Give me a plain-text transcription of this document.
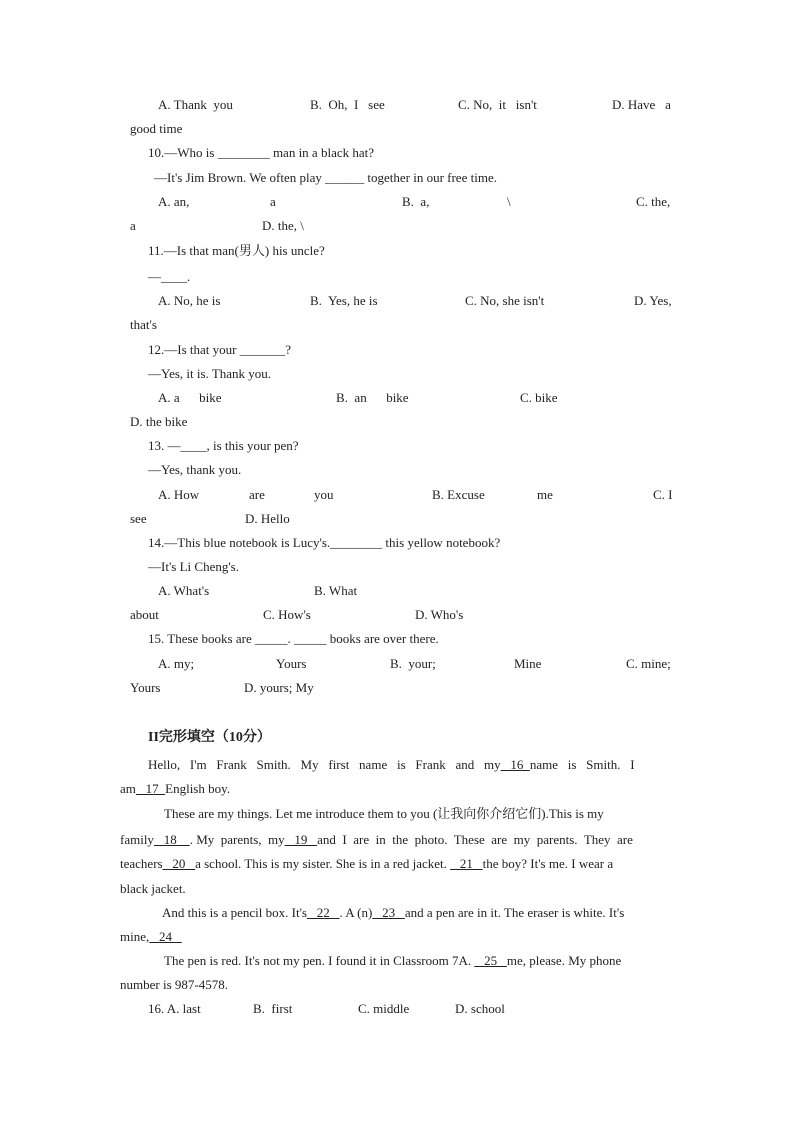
A. Thank  you	B.  Oh,  I   see	C. No,  it   isn't	D. Have   a
good time
10.—Who is ________ man in a black hat?
—It's Jim Brown. We often play ______ together in our free time.
A. an,	a	B.  a,	\	C. the,
a	D. the, \
11.—Is that man(男人) his uncle?
—____.
A. No, he is	B.  Yes, he is	C. No, she isn't	D. Yes,
that's
12.—Is that your _______?
—Yes, it is. Thank you.
A. a      bike	B.  an      bike	C. bike
D. the bike
13. —____, is this your pen?
—Yes, thank you.
A. How	are	you	B. Excuse	me	C. I
see	D. Hello
14.—This blue notebook is Lucy's.________ this yellow notebook?
—It's Li Cheng's.
A. What's	B. What
about	C. How's	D. Who's
15. These books are _____. _____ books are over there.
A. my;	Yours	B.  your;	Mine	C. mine;
Yours	D. yours; My
II完形填空（10分）
Hello,   I'm   Frank   Smith.   My   first   name   is   Frank   and   my   16  name   is   Smith.   I
am   17  English boy.
These are my things. Let me introduce them to you (让我向你介绍它们).This is my
family   18    . My  parents,  my   19   and  I  are  in  the  photo.  These  are  my  parents.  They  are
teachers   20   a school. This is my sister. She is in a red jacket.    21   the boy? It's me. I wear a
black jacket.
And this is a pencil box. It's   22   . A (n)   23   and a pen are in it. The eraser is white. It's
mine,   24
The pen is red. It's not my pen. I found it in Classroom 7A.    25   me, please. My phone
number is 987-4578.
16. A. last	B.  first	C. middle	D. school
